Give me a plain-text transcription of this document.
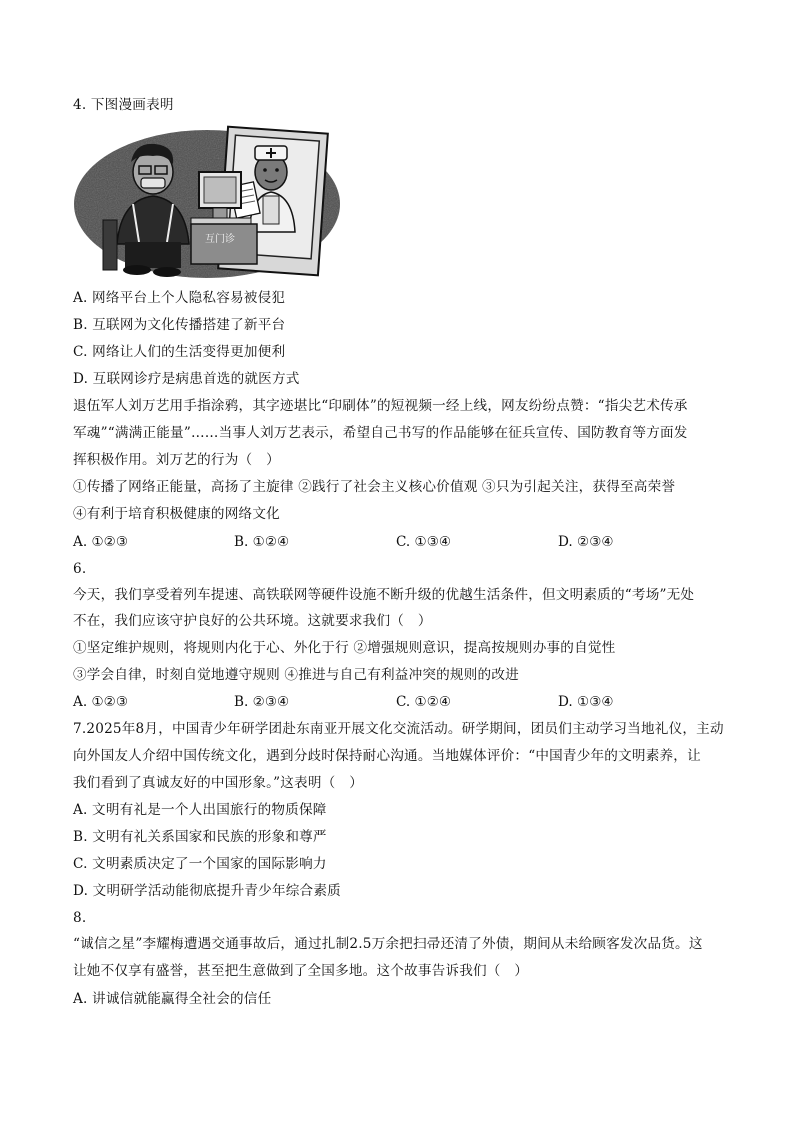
4. 下图漫画表明
互门诊
A. 网络平台上个人隐私容易被侵犯
B. 互联网为文化传播搭建了新平台
C. 网络让人们的生活变得更加便利
D. 互联网诊疗是病患首选的就医方式
退伍军人刘万艺用手指涂鸦，其字迹堪比“印刷体”的短视频一经上线，网友纷纷点赞：“指尖艺术传承
军魂”“满满正能量”……当事人刘万艺表示，希望自己书写的作品能够在征兵宣传、国防教育等方面发
挥积极作用。刘万艺的行为（　）
①传播了网络正能量，高扬了主旋律 ②践行了社会主义核心价值观 ③只为引起关注，获得至高荣誉
④有利于培育积极健康的网络文化
A. ①②③	B. ①②④	C. ①③④	D. ②③④
6.
今天，我们享受着列车提速、高铁联网等硬件设施不断升级的优越生活条件，但文明素质的“考场”无处
不在，我们应该守护良好的公共环境。这就要求我们（　）
①坚定维护规则，将规则内化于心、外化于行 ②增强规则意识，提高按规则办事的自觉性
③学会自律，时刻自觉地遵守规则 ④推进与自己有利益冲突的规则的改进
A. ①②③	B. ②③④	C. ①②④	D. ①③④
7.2025年8月，中国青少年研学团赴东南亚开展文化交流活动。研学期间，团员们主动学习当地礼仪，主动
向外国友人介绍中国传统文化，遇到分歧时保持耐心沟通。当地媒体评价：“中国青少年的文明素养，让
我们看到了真诚友好的中国形象。”这表明（　）
A. 文明有礼是一个人出国旅行的物质保障
B. 文明有礼关系国家和民族的形象和尊严
C. 文明素质决定了一个国家的国际影响力
D. 文明研学活动能彻底提升青少年综合素质
8.
“诚信之星”李耀梅遭遇交通事故后，通过扎制2.5万余把扫帚还清了外债，期间从未给顾客发次品货。这
让她不仅享有盛誉，甚至把生意做到了全国多地。这个故事告诉我们（　）
A. 讲诚信就能赢得全社会的信任
